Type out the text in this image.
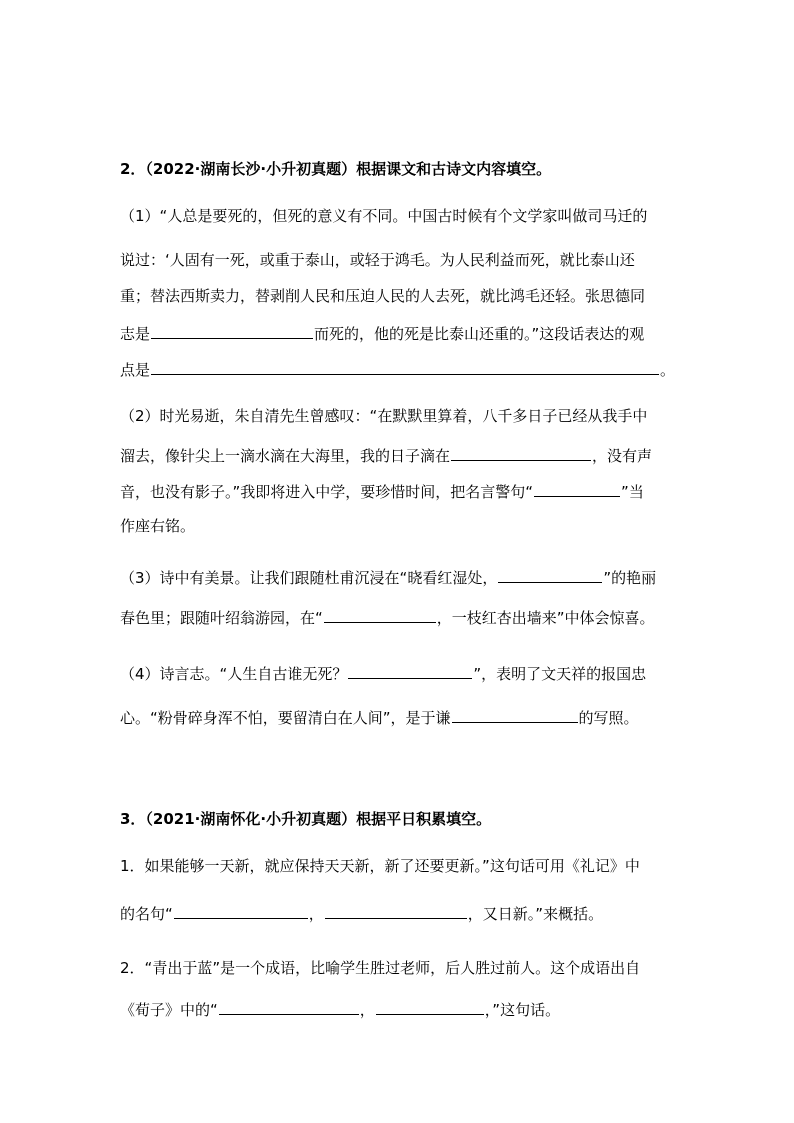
2．（2022·湖南长沙·小升初真题）根据课文和古诗文内容填空。
（1）“人总是要死的，但死的意义有不同。中国古时候有个文学家叫做司马迁的
说过：‘人固有一死，或重于泰山，或轻于鸿毛。为人民利益而死，就比泰山还
重；替法西斯卖力，替剥削人民和压迫人民的人去死，就比鸿毛还轻。张思德同
志是	而死的，他的死是比泰山还重的。”这段话表达的观
点是	。
（2）时光易逝，朱自清先生曾感叹：“在默默里算着，八千多日子已经从我手中
溜去，像针尖上一滴水滴在大海里，我的日子滴在	，没有声
音，也没有影子。”我即将进入中学，要珍惜时间，把名言警句“	”当
作座右铭。
（3）诗中有美景。让我们跟随杜甫沉浸在“晓看红湿处，	”的艳丽
春色里；跟随叶绍翁游园，在“	，一枝红杏出墙来”中体会惊喜。
（4）诗言志。“人生自古谁无死？	”，表明了文天祥的报国忠
心。“粉骨碎身浑不怕，要留清白在人间”，是于谦	的写照。
3．（2021·湖南怀化·小升初真题）根据平日积累填空。
1．如果能够一天新，就应保持天天新，新了还要更新。”这句话可用《礼记》中
的名句“	，	，又日新。”来概括。
2．“青出于蓝”是一个成语，比喻学生胜过老师，后人胜过前人。这个成语出自
《荀子》中的“	，	，”这句话。
